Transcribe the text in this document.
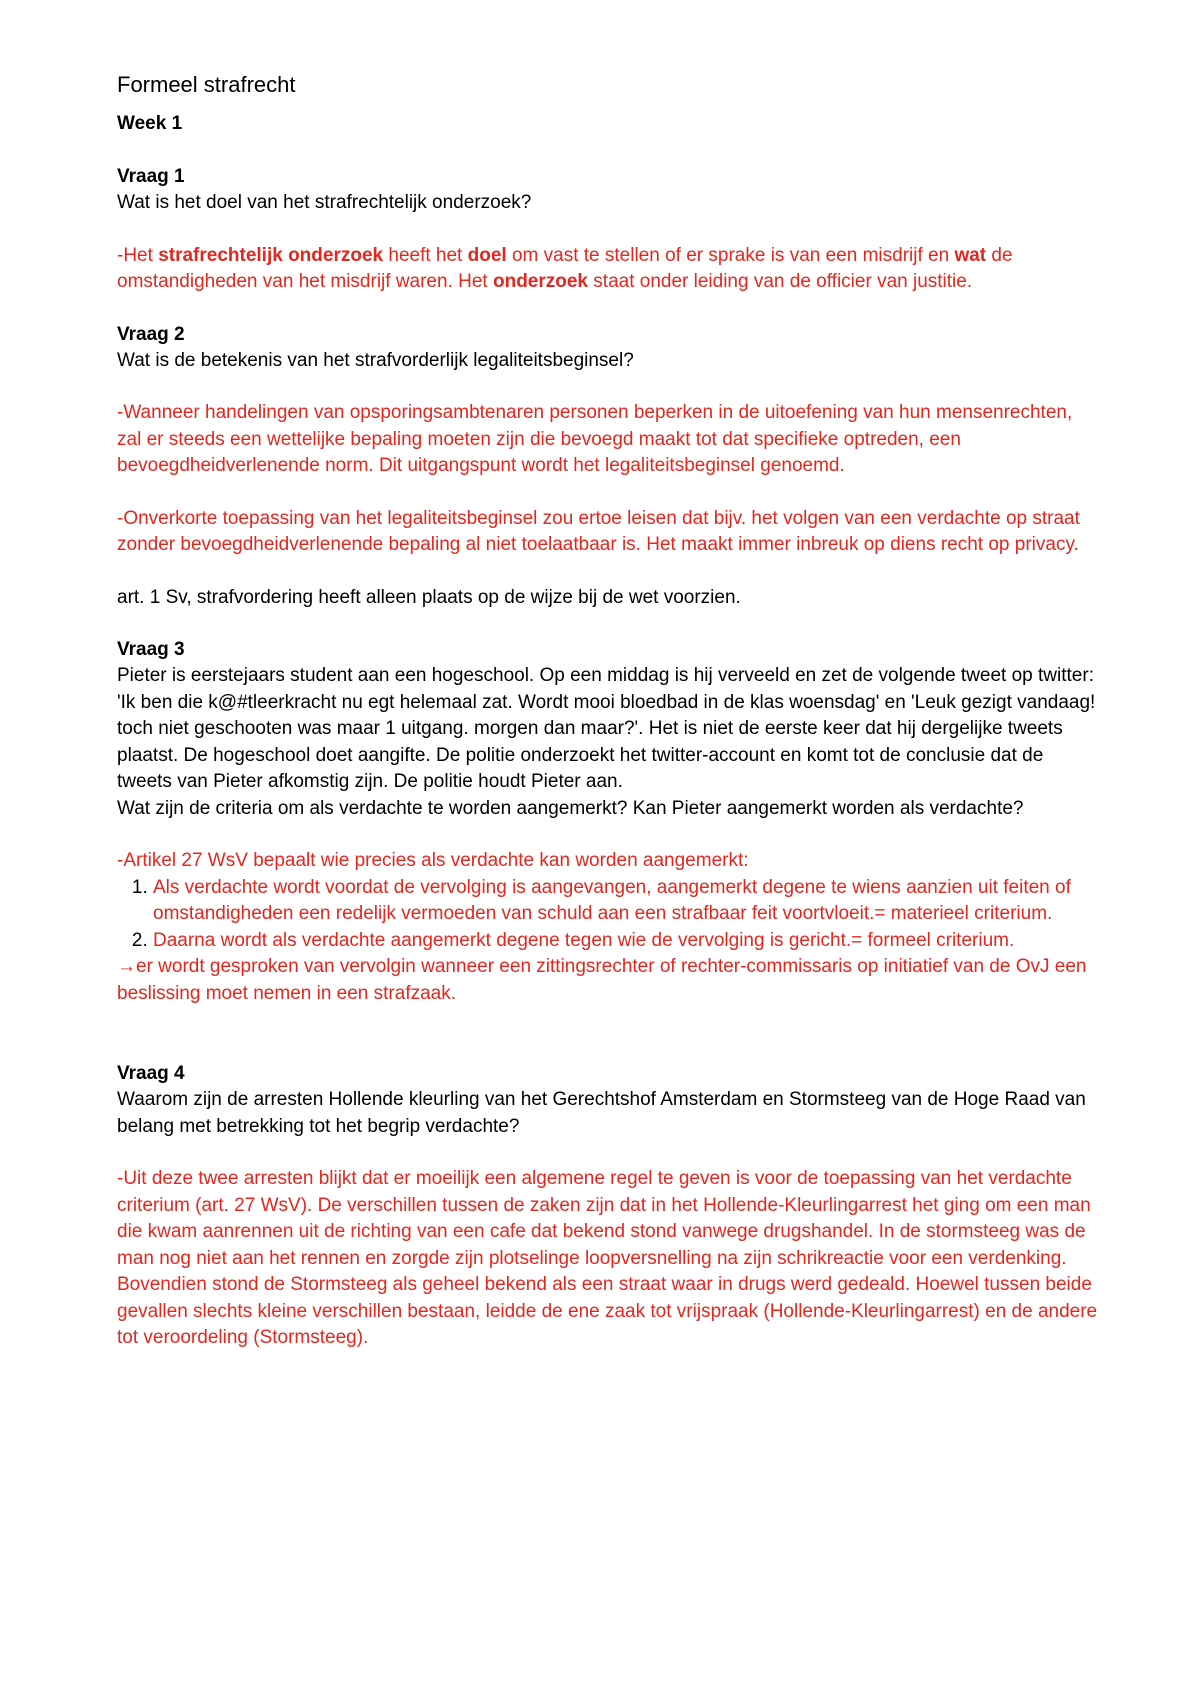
Formeel strafrecht
Week 1
Vraag 1

Wat is het doel van het strafrechtelijk onderzoek?

-Het strafrechtelijk onderzoek heeft het doel om vast te stellen of er sprake is van een misdrijf en wat de omstandigheden van het misdrijf waren. Het onderzoek staat onder leiding van de officier van justitie.

Vraag 2

Wat is de betekenis van het strafvorderlijk legaliteitsbeginsel?

-Wanneer handelingen van opsporingsambtenaren personen beperken in de uitoefening van hun mensenrechten, zal er steeds een wettelijke bepaling moeten zijn die bevoegd maakt tot dat specifieke optreden, een bevoegdheidverlenende norm. Dit uitgangspunt wordt het legaliteitsbeginsel genoemd.

-Onverkorte toepassing van het legaliteitsbeginsel zou ertoe leisen dat bijv. het volgen van een verdachte op straat zonder bevoegdheidverlenende bepaling al niet toelaatbaar is. Het maakt immer inbreuk op diens recht op privacy.

art. 1 Sv, strafvordering heeft alleen plaats op de wijze bij de wet voorzien.

Vraag 3

Pieter is eerstejaars student aan een hogeschool. Op een middag is hij verveeld en zet de volgende tweet op twitter: 'Ik ben die k@#tleerkracht nu egt helemaal zat. Wordt mooi bloedbad in de klas woensdag' en 'Leuk gezigt vandaag! toch niet geschooten was maar 1 uitgang. morgen dan maar?'. Het is niet de eerste keer dat hij dergelijke tweets plaatst. De hogeschool doet aangifte. De politie onderzoekt het twitter-account en komt tot de conclusie dat de tweets van Pieter afkomstig zijn. De politie houdt Pieter aan.

Wat zijn de criteria om als verdachte te worden aangemerkt? Kan Pieter aangemerkt worden als verdachte?

-Artikel 27 WsV bepaalt wie precies als verdachte kan worden aangemerkt:

1. Als verdachte wordt voordat de vervolging is aangevangen, aangemerkt degene te wiens aanzien uit feiten of omstandigheden een redelijk vermoeden van schuld aan een strafbaar feit voortvloeit.= materieel criterium.
2. Daarna wordt als verdachte aangemerkt degene tegen wie de vervolging is gericht.= formeel criterium.

→er wordt gesproken van vervolgin wanneer een zittingsrechter of rechter-commissaris op initiatief van de OvJ een beslissing moet nemen in een strafzaak.

Vraag 4

Waarom zijn de arresten Hollende kleurling van het Gerechtshof Amsterdam en Stormsteeg van de Hoge Raad van belang met betrekking tot het begrip verdachte?

-Uit deze twee arresten blijkt dat er moeilijk een algemene regel te geven is voor de toepassing van het verdachte criterium (art. 27 WsV). De verschillen tussen de zaken zijn dat in het Hollende-Kleurlingarrest het ging om een man die kwam aanrennen uit de richting van een cafe dat bekend stond vanwege drugshandel. In de stormsteeg was de man nog niet aan het rennen en zorgde zijn plotselinge loopversnelling na zijn schrikreactie voor een verdenking. Bovendien stond de Stormsteeg als geheel bekend als een straat waar in drugs werd gedeald. Hoewel tussen beide gevallen slechts kleine verschillen bestaan, leidde de ene zaak tot vrijspraak (Hollende-Kleurlingarrest) en de andere tot veroordeling (Stormsteeg).
